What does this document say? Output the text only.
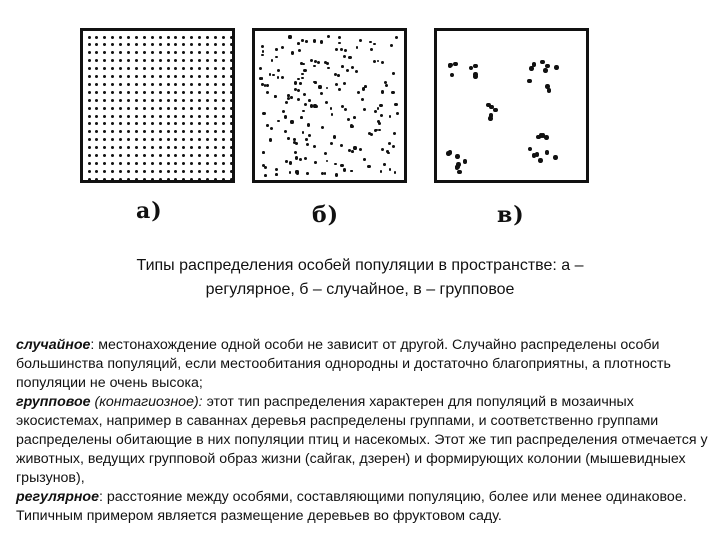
а)	б)	в)
Типы распределения особей популяции в пространстве: а – регулярное, б – случайное, в – групповое

случайное: местонахождение одной особи не зависит от другой. Случайно распределены особи большинства популяций, если местообитания однородны и достаточно благоприятны, а плотность популяции не очень высока;

групповое (контагиозное): этот тип распределения характерен для популяций в мозаичных экосистемах, например в саваннах деревья распределены группами, и соответственно группами распределены обитающие в них популяции птиц и насекомых. Этот же тип распределения отмечается у животных, ведущих групповой образ жизни (сайгак, дзерен) и формирующих колонии (мышевидныех грызунов),

регулярное: расстояние между особями, составляющими популяцию, более или менее одинаковое. Типичным примером является размещение деревьев во фруктовом саду.
